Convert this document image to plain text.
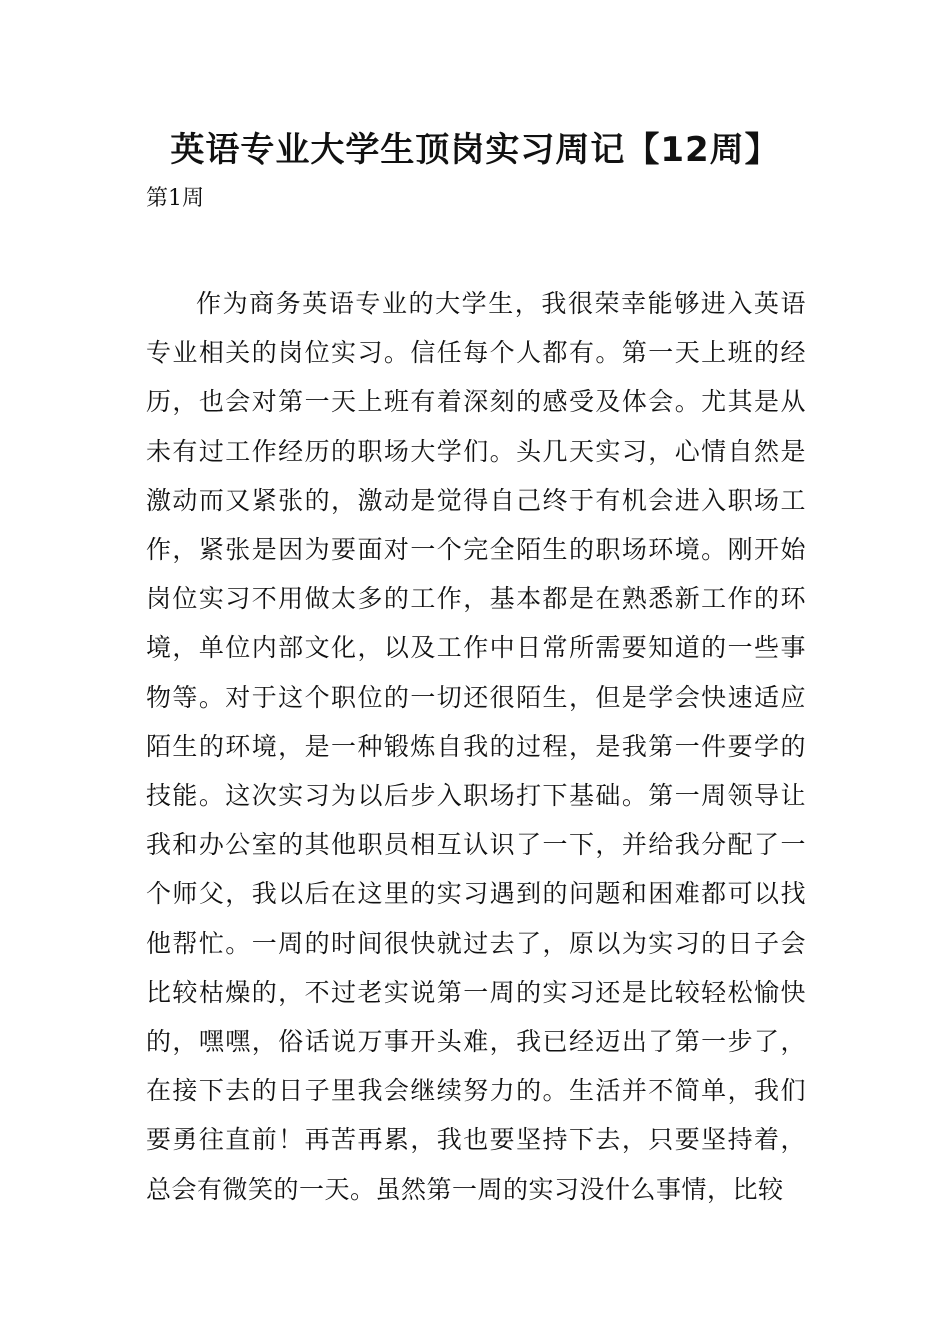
英语专业大学生顶岗实习周记【12周】

第1周

作为商务英语专业的大学生，我很荣幸能够进入英语专业相关的岗位实习。信任每个人都有。第一天上班的经历，也会对第一天上班有着深刻的感受及体会。尤其是从未有过工作经历的职场大学们。头几天实习，心情自然是激动而又紧张的，激动是觉得自己终于有机会进入职场工作，紧张是因为要面对一个完全陌生的职场环境。刚开始岗位实习不用做太多的工作，基本都是在熟悉新工作的环境，单位内部文化，以及工作中日常所需要知道的一些事物等。对于这个职位的一切还很陌生，但是学会快速适应陌生的环境，是一种锻炼自我的过程，是我第一件要学的技能。这次实习为以后步入职场打下基础。第一周领导让我和办公室的其他职员相互认识了一下，并给我分配了一个师父，我以后在这里的实习遇到的问题和困难都可以找他帮忙。一周的时间很快就过去了，原以为实习的日子会比较枯燥的，不过老实说第一周的实习还是比较轻松愉快的，嘿嘿，俗话说万事开头难，我已经迈出了第一步了，在接下去的日子里我会继续努力的。生活并不简单，我们要勇往直前！再苦再累，我也要坚持下去，只要坚持着，总会有微笑的一天。虽然第一周的实习没什么事情，比较
